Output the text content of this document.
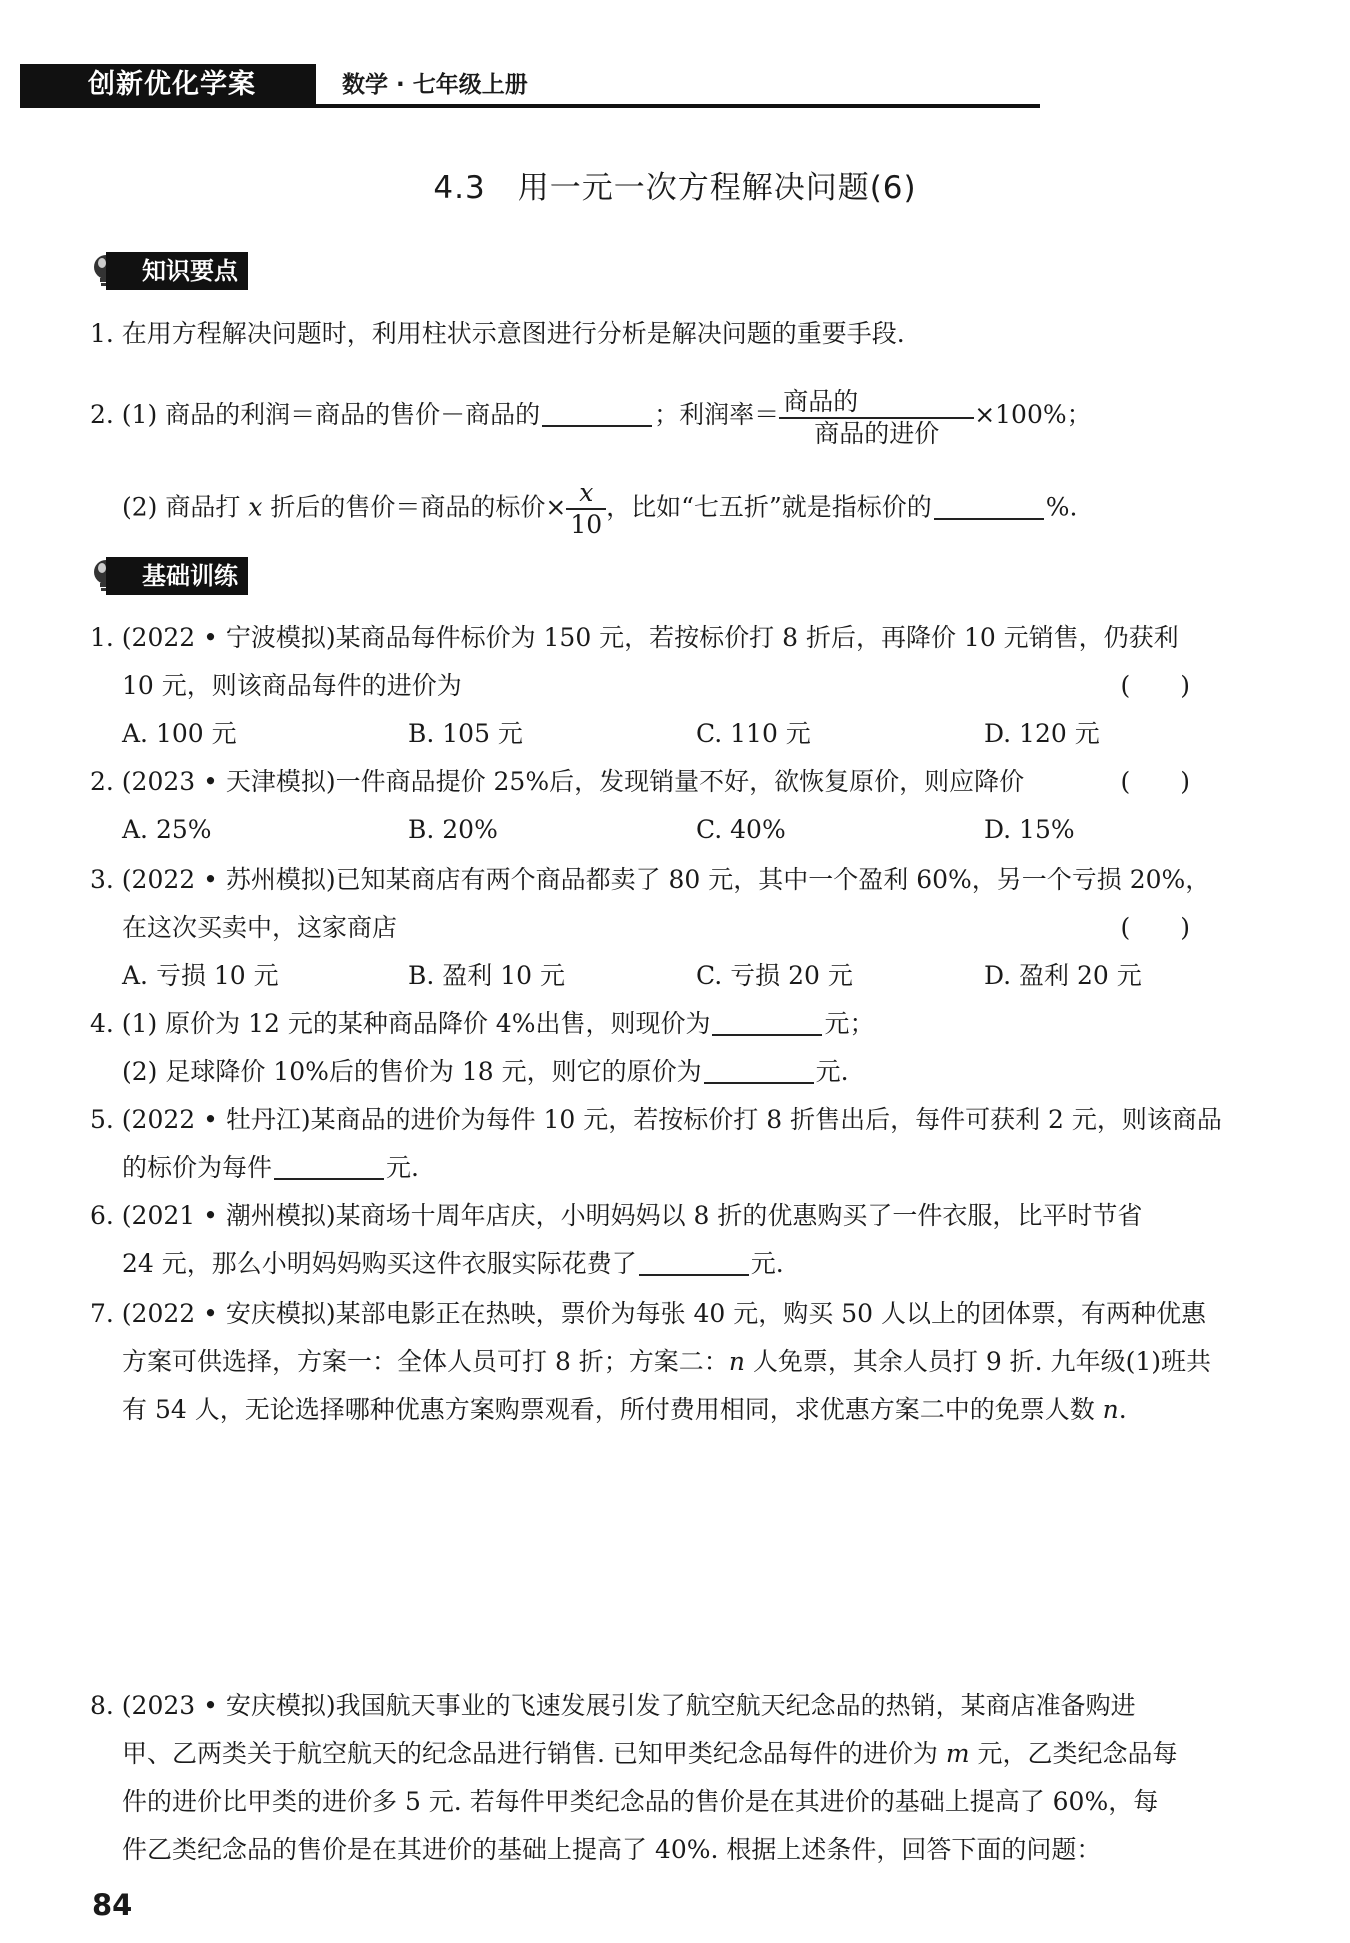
创新优化学案	数学 · 七年级上册
4.3　用一元一次方程解决问题(6)
知识要点
1. 在用方程解决问题时，利用柱状示意图进行分析是解决问题的重要手段.
2. (1) 商品的利润＝商品的售价－商品的	；利润率＝ $\frac{\text{商品的}}{\text{商品的进价}} \times 100\%$；
(2) 商品打 x 折后的售价＝商品的标价× $\frac{x}{10}$ ，比如“七五折”就是指标价的	%.
基础训练
1. (2022 • 宁波模拟)某商品每件标价为 150 元，若按标价打 8 折后，再降价 10 元销售，仍获利
10 元，则该商品每件的进价为	(　　)
A. 100 元	B. 105 元	C. 110 元	D. 120 元
2. (2023 • 天津模拟)一件商品提价 25%后，发现销量不好，欲恢复原价，则应降价	(　　)
A. 25%	B. 20%	C. 40%	D. 15%
3. (2022 • 苏州模拟)已知某商店有两个商品都卖了 80 元，其中一个盈利 60%，另一个亏损 20%，
在这次买卖中，这家商店	(　　)
A. 亏损 10 元	B. 盈利 10 元	C. 亏损 20 元	D. 盈利 20 元
4. (1) 原价为 12 元的某种商品降价 4%出售，则现价为	元；
(2) 足球降价 10%后的售价为 18 元，则它的原价为	元.
5. (2022 • 牡丹江)某商品的进价为每件 10 元，若按标价打 8 折售出后，每件可获利 2 元，则该商品
的标价为每件	元.
6. (2021 • 潮州模拟)某商场十周年店庆，小明妈妈以 8 折的优惠购买了一件衣服，比平时节省
24 元，那么小明妈妈购买这件衣服实际花费了	元.
7. (2022 • 安庆模拟)某部电影正在热映，票价为每张 40 元，购买 50 人以上的团体票，有两种优惠
方案可供选择，方案一：全体人员可打 8 折；方案二：n 人免票，其余人员打 9 折. 九年级(1)班共
有 54 人，无论选择哪种优惠方案购票观看，所付费用相同，求优惠方案二中的免票人数 n.
8. (2023 • 安庆模拟)我国航天事业的飞速发展引发了航空航天纪念品的热销，某商店准备购进
甲、乙两类关于航空航天的纪念品进行销售. 已知甲类纪念品每件的进价为 m 元，乙类纪念品每
件的进价比甲类的进价多 5 元. 若每件甲类纪念品的售价是在其进价的基础上提高了 60%，每
件乙类纪念品的售价是在其进价的基础上提高了 40%. 根据上述条件，回答下面的问题：
84
